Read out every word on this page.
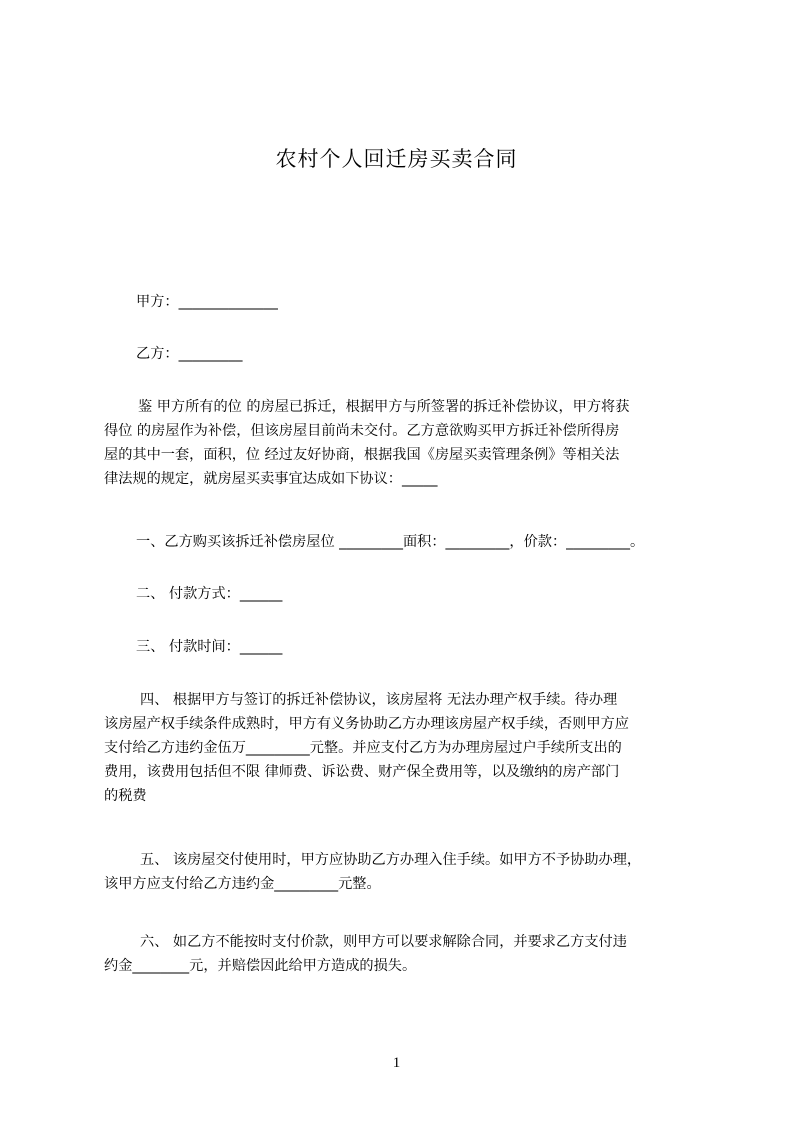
农村个人回迁房买卖合同
甲方：______________
乙方：_________

鉴 甲方所有的位 的房屋已拆迁，根据甲方与所签署的拆迁补偿协议，甲方将获

得位 的房屋作为补偿，但该房屋目前尚未交付。乙方意欲购买甲方拆迁补偿所得房

屋的其中一套，面积，位 经过友好协商，根据我国《房屋买卖管理条例》等相关法

律法规的规定，就房屋买卖事宜达成如下协议：_____

一、乙方购买该拆迁补偿房屋位 _________面积：_________，价款：_________。
二、 付款方式：______
三、 付款时间：______

四、 根据甲方与签订的拆迁补偿协议，该房屋将 无法办理产权手续。待办理

该房屋产权手续条件成熟时，甲方有义务协助乙方办理该房屋产权手续，否则甲方应

支付给乙方违约金伍万_________元整。并应支付乙方为办理房屋过户手续所支出的

费用，该费用包括但不限 律师费、诉讼费、财产保全费用等，以及缴纳的房产部门

的税费

五、 该房屋交付使用时，甲方应协助乙方办理入住手续。如甲方不予协助办理，

该甲方应支付给乙方违约金_________元整。

六、 如乙方不能按时支付价款，则甲方可以要求解除合同，并要求乙方支付违

约金________元，并赔偿因此给甲方造成的损失。

1
